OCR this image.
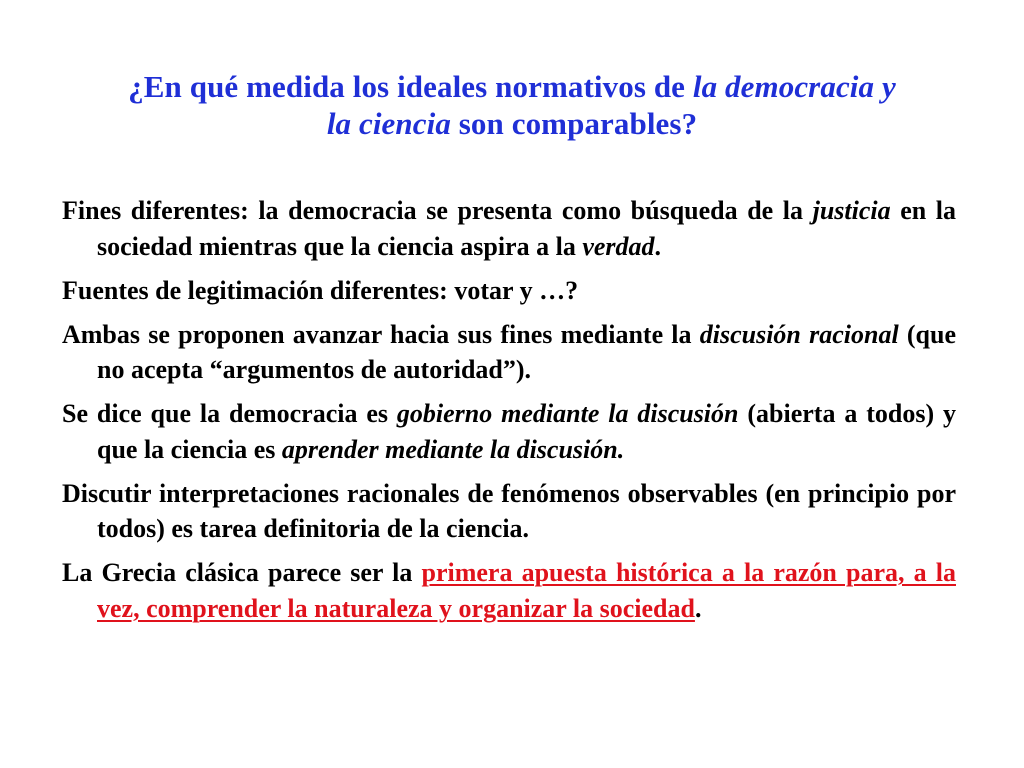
¿En qué medida los ideales normativos de la democracia y
la ciencia son comparables?

Fines diferentes: la democracia se presenta como búsqueda de la justicia en la sociedad mientras que la ciencia aspira a la verdad.

Fuentes de legitimación diferentes: votar y …?

Ambas se proponen avanzar hacia sus fines mediante la discusión racional (que no acepta “argumentos de autoridad”).

Se dice que la democracia es gobierno mediante la discusión (abierta a todos) y que la ciencia es aprender mediante la discusión.

Discutir interpretaciones racionales de fenómenos observables (en principio por todos) es tarea definitoria de la ciencia.

La Grecia clásica parece ser la primera apuesta histórica a la razón para, a la vez, comprender la naturaleza y organizar la sociedad.
